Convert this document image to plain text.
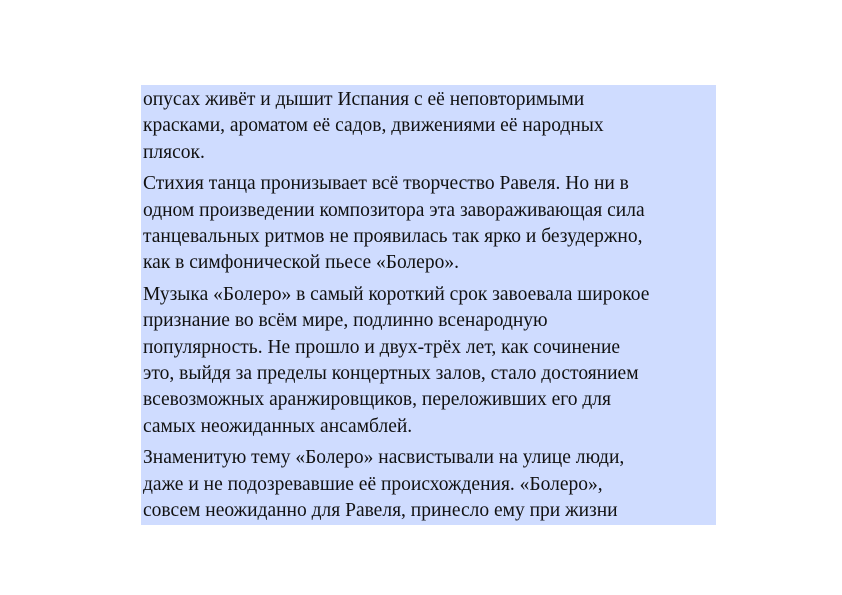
опусах живёт и дышит Испания с её неповторимыми
красками, ароматом её садов, движениями её народных
плясок.

Стихия танца пронизывает всё творчество Равеля. Но ни в
одном произведении композитора эта завораживающая сила
танцевальных ритмов не проявилась так ярко и безудержно,
как в симфонической пьесе «Болеро».

Музыка «Болеро» в самый короткий срок завоевала широкое
признание во всём мире, подлинно всенародную
популярность. Не прошло и двух-трёх лет, как сочинение
это, выйдя за пределы концертных залов, стало достоянием
всевозможных аранжировщиков, переложивших его для
самых неожиданных ансамблей.

Знаменитую тему «Болеро» насвистывали на улице люди,
даже и не подозревавшие её происхождения. «Болеро»,
совсем неожиданно для Равеля, принесло ему при жизни
